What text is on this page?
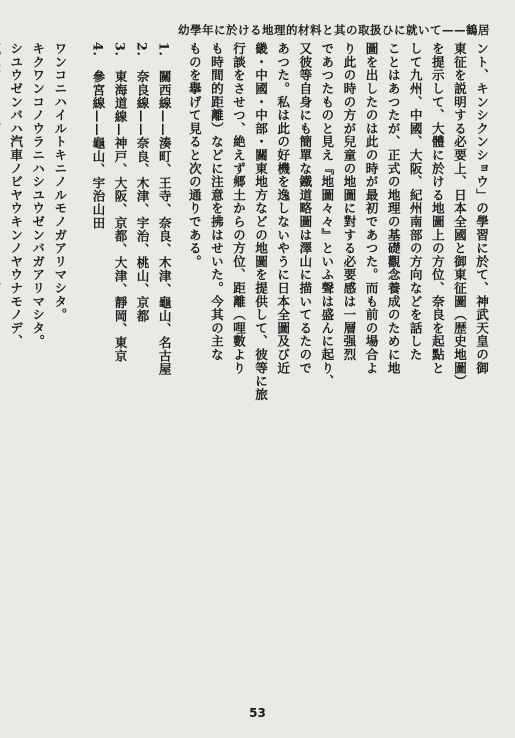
幼學年に於ける地理的材料と其の取扱ひに就いて——鶴居
ント、キンシクンショウ」の學習に於て、神武天皇の御
東征を説明する必要上、日本全國と御東征圖（歴史地圖）
を提示して、大體に於ける地圖上の方位、奈良を起點と
して九州、中國、大阪、紀州南部の方向などを話した
ことはあつたが、正式の地理の基礎觀念養成のために地
圖を出したのは此の時が最初であつた。而も前の場合よ
り此の時の方が兒童の地圖に對する必要感は一層强烈
であつたものと見え『地圖々々』といふ聲は盛んに起り、
又彼等自身にも簡單な鐵道略圖は澤山に描いてるたので
あつた。私は此の好機を逸しないやうに日本全圖及び近
畿・中國・中部・關東地方などの地圖を提供して、彼等に旅
行談をさせつ、絶えず郷土からの方位、距離（哩數より
も時間的距離）などに注意を拂はせいた。今其の主な
ものを擧げて見ると次の通りである。
1.　關西線——湊町、王寺、奈良、木津、龜山、名古屋
2.　奈良線——奈良、木津、宇治、桃山、京都
3.　東海道線—神戸、大阪、京都、大津、靜岡、東京
4.　參宮線——龜山、宇治山田
ワンコニハイルトキニノルモノガアリマシタ。
キクワンコノウラニハシユウゼンバガアリマシタ。
シユウゼンバハ汽車ノビヤウキンノヤウナモノデ、
53
